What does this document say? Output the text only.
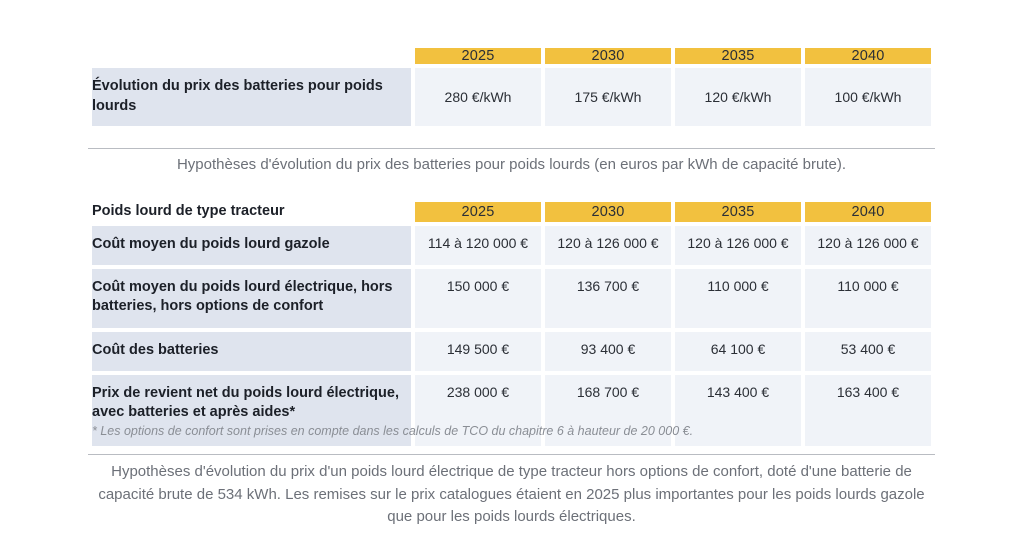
	2025	2030	2035	2040
Évolution du prix des batteries pour poids lourds	280 €/kWh	175 €/kWh	120 €/kWh	100 €/kWh
Hypothèses d'évolution du prix des batteries pour poids lourds (en euros par kWh de capacité brute).
Poids lourd de type tracteur	2025	2030	2035	2040
Coût moyen du poids lourd gazole	114 à 120 000 €	120 à 126 000 €	120 à 126 000 €	120 à 126 000 €
Coût moyen du poids lourd électrique, hors batteries, hors options de confort	150 000 €	136 700 €	110 000 €	110 000 €
Coût des batteries	149 500 €	93 400 €	64 100 €	53 400 €
Prix de revient net du poids lourd électrique, avec batteries et après aides*	238 000 €	168 700 €	143 400 €	163 400 €
* Les options de confort sont prises en compte dans les calculs de TCO du chapitre 6 à hauteur de 20 000 €.
Hypothèses d'évolution du prix d'un poids lourd électrique de type tracteur hors options de confort, doté d'une batterie de capacité brute de 534 kWh. Les remises sur le prix catalogues étaient en 2025 plus importantes pour les poids lourds gazole que pour les poids lourds électriques.
